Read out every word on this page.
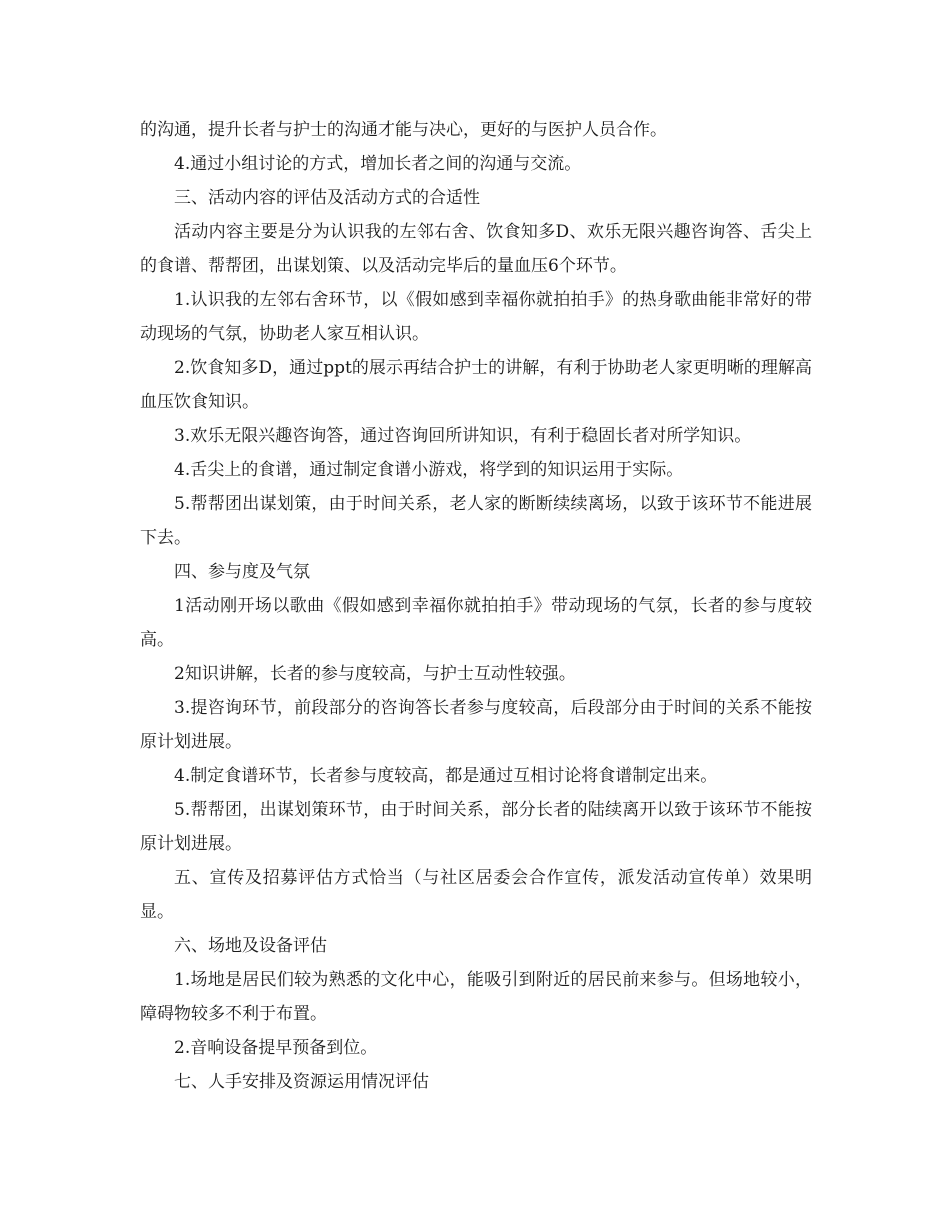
的沟通，提升长者与护士的沟通才能与决心，更好的与医护人员合作。

4.通过小组讨论的方式，增加长者之间的沟通与交流。

三、活动内容的评估及活动方式的合适性

活动内容主要是分为认识我的左邻右舍、饮食知多D、欢乐无限兴趣咨询答、舌尖上的食谱、帮帮团，出谋划策、以及活动完毕后的量血压6个环节。

1.认识我的左邻右舍环节，以《假如感到幸福你就拍拍手》的热身歌曲能非常好的带动现场的气氛，协助老人家互相认识。

2.饮食知多D，通过ppt的展示再结合护士的讲解，有利于协助老人家更明晰的理解高血压饮食知识。

3.欢乐无限兴趣咨询答，通过咨询回所讲知识，有利于稳固长者对所学知识。

4.舌尖上的食谱，通过制定食谱小游戏，将学到的知识运用于实际。

5.帮帮团出谋划策，由于时间关系，老人家的断断续续离场，以致于该环节不能进展下去。

四、参与度及气氛

1活动刚开场以歌曲《假如感到幸福你就拍拍手》带动现场的气氛，长者的参与度较高。

2知识讲解，长者的参与度较高，与护士互动性较强。

3.提咨询环节，前段部分的咨询答长者参与度较高，后段部分由于时间的关系不能按原计划进展。

4.制定食谱环节，长者参与度较高，都是通过互相讨论将食谱制定出来。

5.帮帮团，出谋划策环节，由于时间关系，部分长者的陆续离开以致于该环节不能按原计划进展。

五、宣传及招募评估方式恰当（与社区居委会合作宣传，派发活动宣传单）效果明显。

六、场地及设备评估

1.场地是居民们较为熟悉的文化中心，能吸引到附近的居民前来参与。但场地较小，障碍物较多不利于布置。

2.音响设备提早预备到位。

七、人手安排及资源运用情况评估
